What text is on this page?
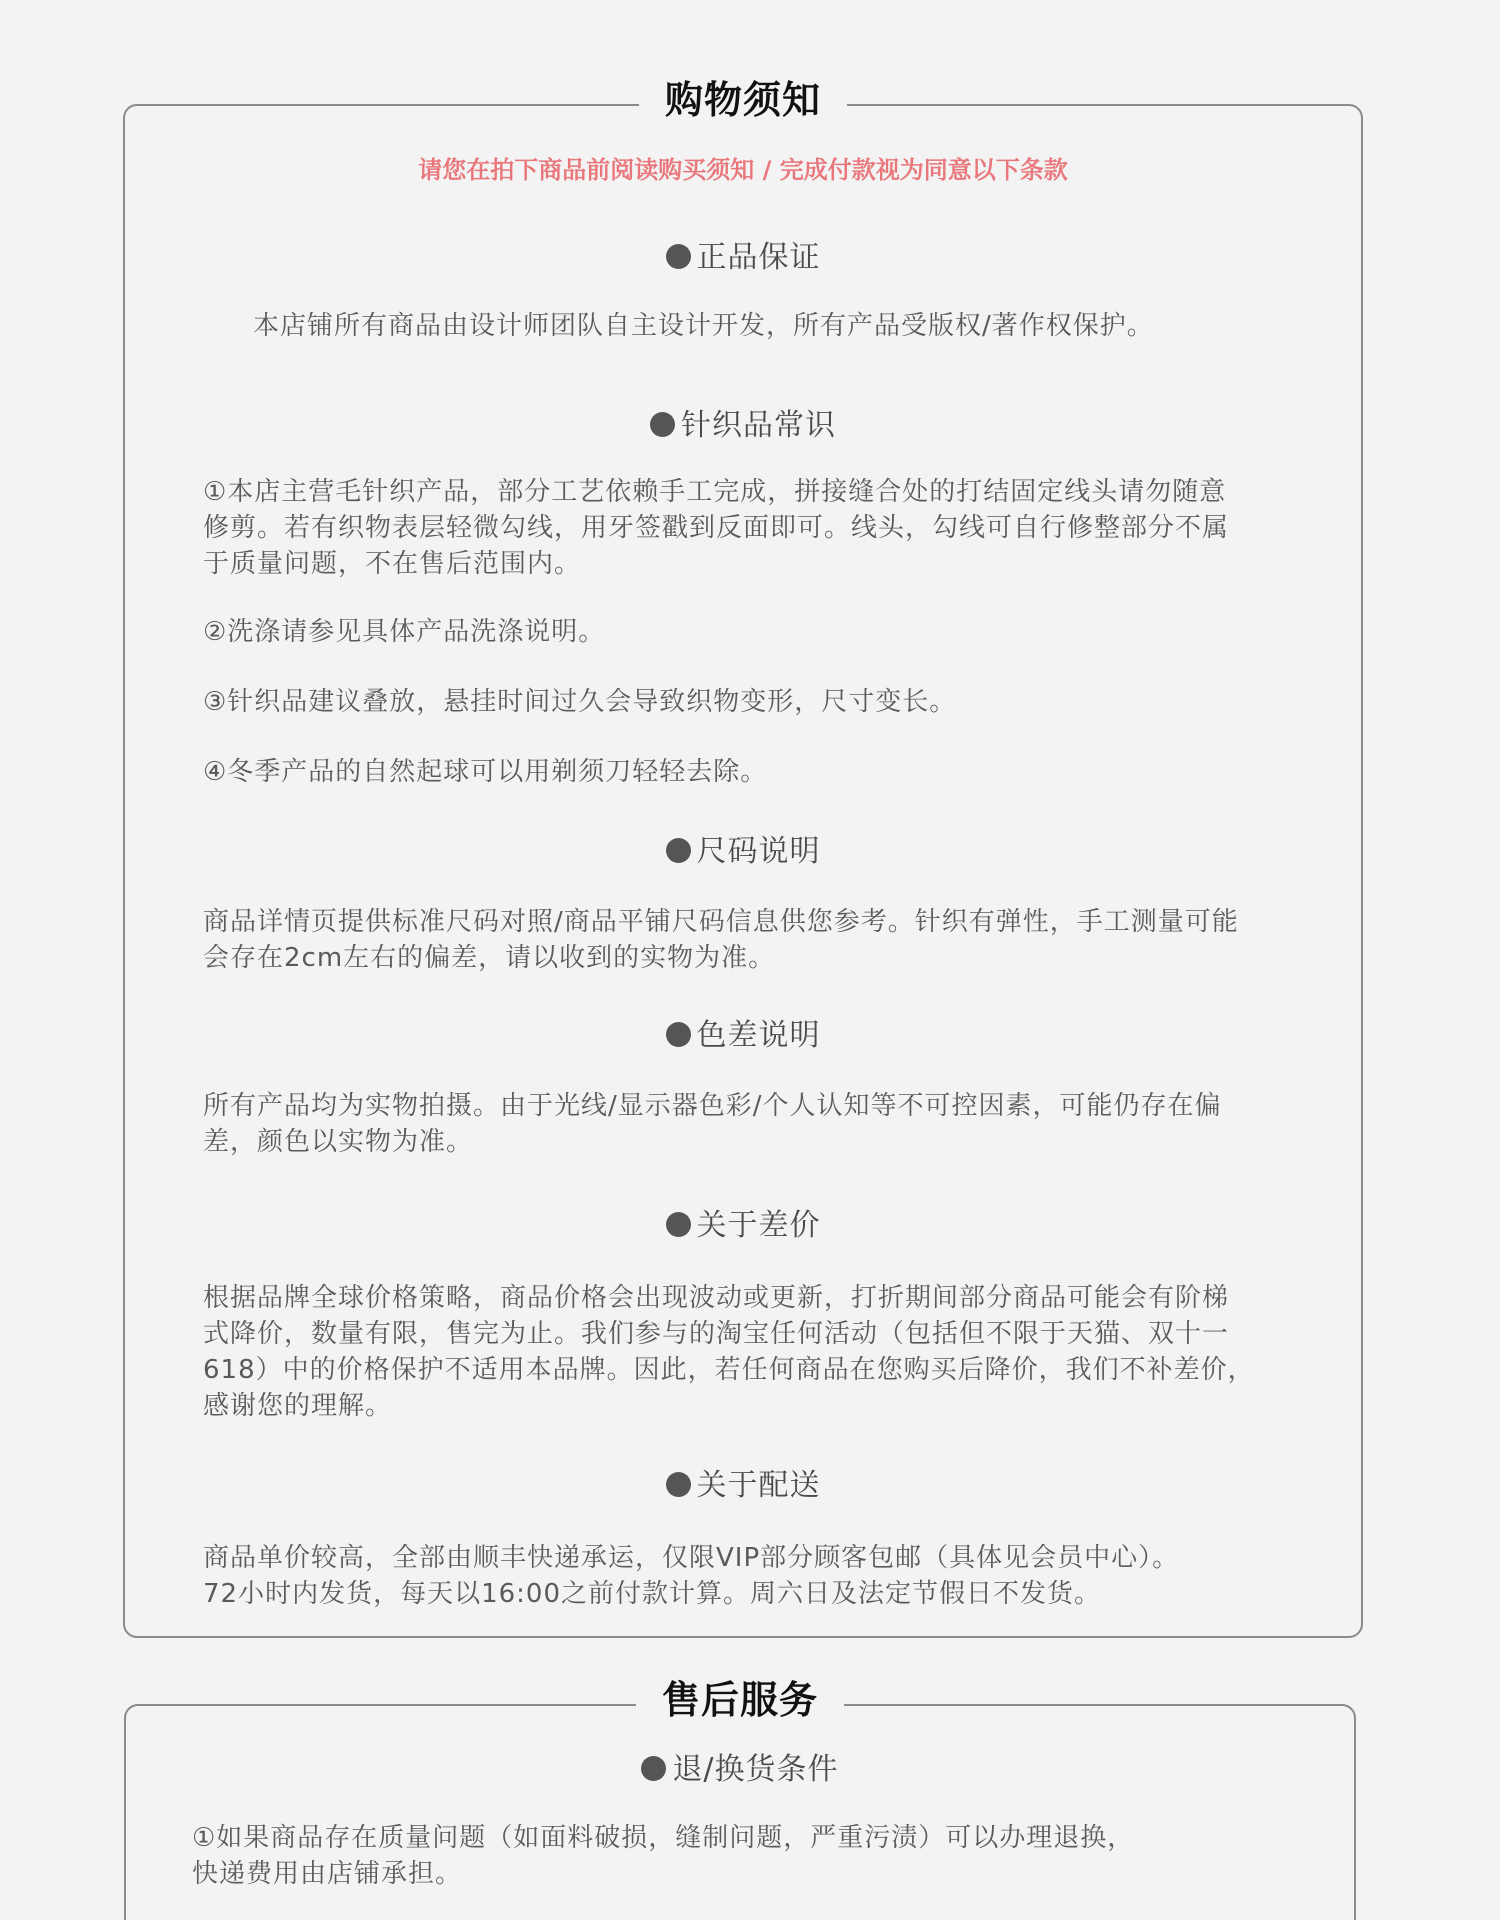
购物须知
请您在拍下商品前阅读购买须知 / 完成付款视为同意以下条款
正品保证
本店铺所有商品由设计师团队自主设计开发，所有产品受版权/著作权保护。
针织品常识
①本店主营毛针织产品，部分工艺依赖手工完成，拼接缝合处的打结固定线头请勿随意
修剪。若有织物表层轻微勾线，用牙签戳到反面即可。线头，勾线可自行修整部分不属
于质量问题，不在售后范围内。
②洗涤请参见具体产品洗涤说明。
③针织品建议叠放，悬挂时间过久会导致织物变形，尺寸变长。
④冬季产品的自然起球可以用剃须刀轻轻去除。
尺码说明
商品详情页提供标准尺码对照/商品平铺尺码信息供您参考。针织有弹性，手工测量可能
会存在2cm左右的偏差，请以收到的实物为准。
色差说明
所有产品均为实物拍摄。由于光线/显示器色彩/个人认知等不可控因素，可能仍存在偏
差，颜色以实物为准。
关于差价
根据品牌全球价格策略，商品价格会出现波动或更新，打折期间部分商品可能会有阶梯
式降价，数量有限，售完为止。我们参与的淘宝任何活动（包括但不限于天猫、双十一
618）中的价格保护不适用本品牌。因此，若任何商品在您购买后降价，我们不补差价，
感谢您的理解。
关于配送
商品单价较高，全部由顺丰快递承运，仅限VIP部分顾客包邮（具体见会员中心）。
72小时内发货，每天以16:00之前付款计算。周六日及法定节假日不发货。
售后服务
退/换货条件
①如果商品存在质量问题（如面料破损，缝制问题，严重污渍）可以办理退换，
快递费用由店铺承担。
